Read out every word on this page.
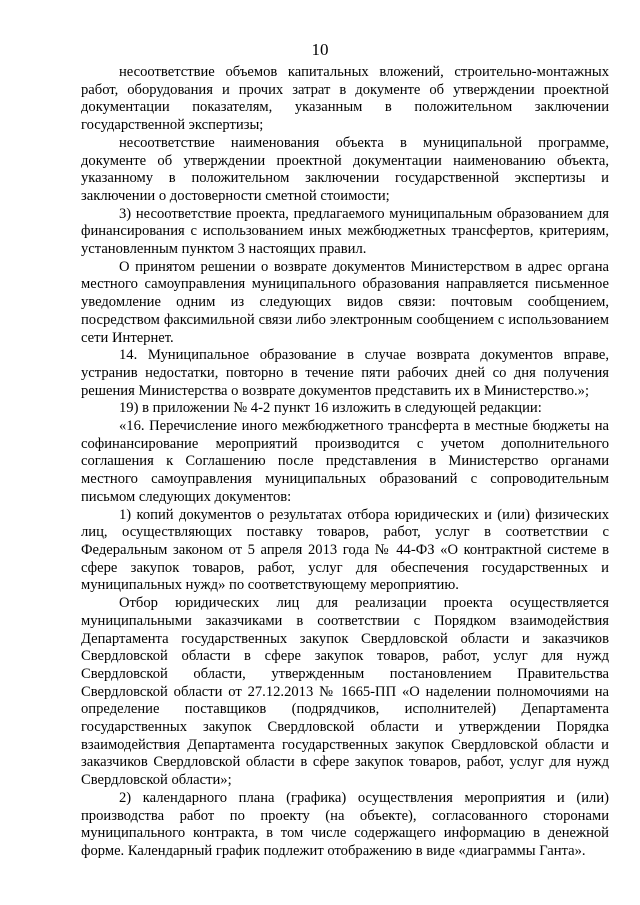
10

несоответствие объемов капитальных вложений, строительно-монтажных работ, оборудования и прочих затрат в документе об утверждении проектной документации показателям, указанным в положительном заключении государственной экспертизы;

несоответствие наименования объекта в муниципальной программе, документе об утверждении проектной документации наименованию объекта, указанному в положительном заключении государственной экспертизы и заключении о достоверности сметной стоимости;

3) несоответствие проекта, предлагаемого муниципальным образованием для финансирования с использованием иных межбюджетных трансфертов, критериям, установленным пунктом 3 настоящих правил.

О принятом решении о возврате документов Министерством в адрес органа местного самоуправления муниципального образования направляется письменное уведомление одним из следующих видов связи: почтовым сообщением, посредством факсимильной связи либо электронным сообщением с использованием сети Интернет.

14. Муниципальное образование в случае возврата документов вправе, устранив недостатки, повторно в течение пяти рабочих дней со дня получения решения Министерства о возврате документов представить их в Министерство.»;

19) в приложении № 4-2 пункт 16 изложить в следующей редакции:

«16. Перечисление иного межбюджетного трансферта в местные бюджеты на софинансирование мероприятий производится с учетом дополнительного соглашения к Соглашению после представления в Министерство органами местного самоуправления муниципальных образований с сопроводительным письмом следующих документов:

1) копий документов о результатах отбора юридических и (или) физических лиц, осуществляющих поставку товаров, работ, услуг в соответствии с Федеральным законом от 5 апреля 2013 года № 44-ФЗ «О контрактной системе в сфере закупок товаров, работ, услуг для обеспечения государственных и муниципальных нужд» по соответствующему мероприятию.

Отбор юридических лиц для реализации проекта осуществляется муниципальными заказчиками в соответствии с Порядком взаимодействия Департамента государственных закупок Свердловской области и заказчиков Свердловской области в сфере закупок товаров, работ, услуг для нужд Свердловской области, утвержденным постановлением Правительства Свердловской области от 27.12.2013 № 1665-ПП «О наделении полномочиями на определение поставщиков (подрядчиков, исполнителей) Департамента государственных закупок Свердловской области и утверждении Порядка взаимодействия Департамента государственных закупок Свердловской области и заказчиков Свердловской области в сфере закупок товаров, работ, услуг для нужд Свердловской области»;

2) календарного плана (графика) осуществления мероприятия и (или) производства работ по проекту (на объекте), согласованного сторонами муниципального контракта, в том числе содержащего информацию в денежной форме. Календарный график подлежит отображению в виде «диаграммы Ганта».
